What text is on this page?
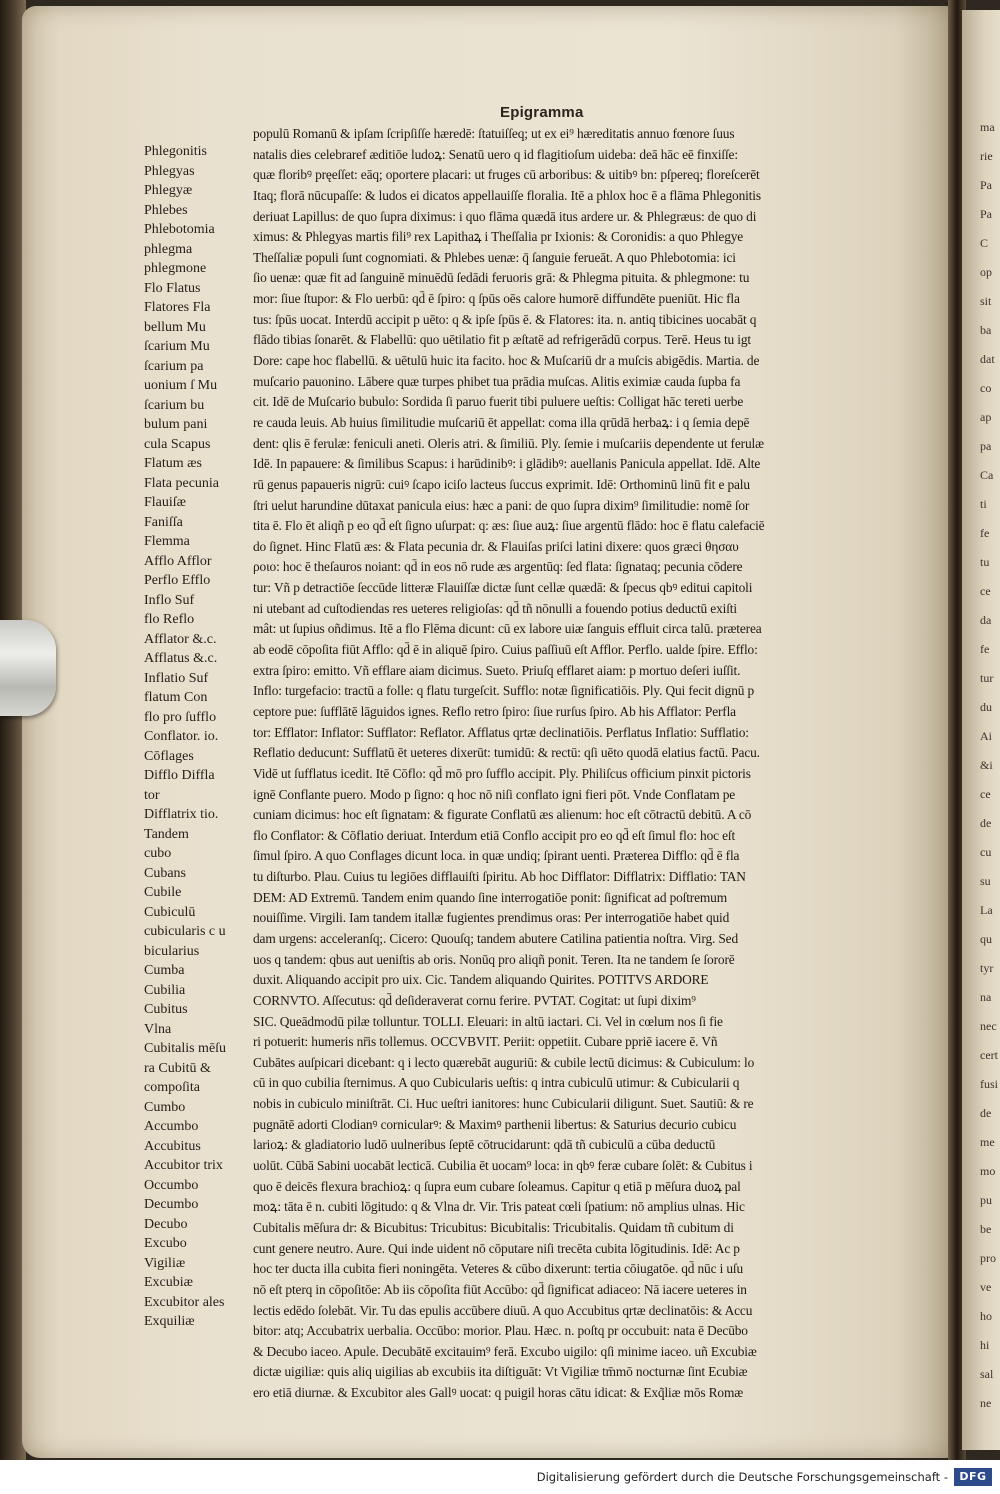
Epigramma
Phlegonitis
Phlegyas
Phlegyæ
Phlebes
Phlebotomia
phlegma
phlegmone
Flo Flatus
Flatores Fla
bellum Mu
ſcarium Mu
ſcarium pa
uonium ſ Mu
ſcarium bu
bulum pani
cula Scapus
Flatum æs
Flata pecunia
Flauiſæ
Faniſſa
Flemma
Afflo Afflor
Perflo Efflo
Inflo Suf
flo Reflo
Afflator &.c.
Afflatus &.c.
Inflatio Suf
flatum Con
flo pro ſufflo
Conflator. io.
Cōflages
Difflo Diffla
tor
Difflatrix tio.
Tandem
cubo
Cubans
Cubile
Cubiculū
cubicularis c u
bicularius
Cumba
Cubilia
Cubitus
Vlna
Cubitalis mēſu
ra Cubitū &
compoſita
Cumbo
Accumbo
Accubitus
Accubitor trix
Occumbo
Decumbo
Decubo
Excubo
Vigiliæ
Excubiæ
Excubitor ales
Exquiliæ
populū Romanū & ipſam ſcripſiſſe hæredē: ſtatuiſſeq; ut ex ei⁹ hæreditatis annuo fœnore ſuus
natalis dies celebraref æditiōe ludoꝝ: Senatū uero q id flagitioſum uideba: deā hāc eē finxiſſe:
quæ floribꝰ pręeſſet: eāq; oportere placari: ut fruges cū arboribus: & uitibꝰ bn: pſpereq; floreſcerēt
Itaq; florā nūcupaſſe: & ludos ei dicatos appellauiſſe floralia. Itē a phlox hoc ē a flāma Phlegonitis
deriuat Lapillus: de quo ſupra diximus: i quo flāma quædā itus ardere ur. & Phlegræus: de quo di
ximus: & Phlegyas martis fili⁹ rex Lapithaꝝ i Theſſalia pr Ixionis: & Coronidis: a quo Phlegye
Theſſaliæ populi ſunt cognomiati. & Phlebes uenæ: q̄ ſanguie ferueāt. A quo Phlebotomia: ici
ſio uenæ: quæ fit ad ſanguinē minuēdū ſedādi feruoris grā: & Phlegma pituita. & phlegmone: tu
mor: ſiue ſtupor: & Flo uerbū: qd̄ ē ſpiro: q ſpūs oēs calore humorē diffundēte pueniūt. Hic fla
tus: ſpūs uocat. Interdū accipit p uēto: q & ipſe ſpūs ē. & Flatores: ita. n. antiq tibicines uocabāt q
flādo tibias ſonarēt. & Flabellū: quo uētilatio fit p æſtatē ad refrigerādū corpus. Terē. Heus tu igt
Dore: cape hoc flabellū. & uētulū huic ita facito. hoc & Muſcariū dr a muſcis abigēdis. Martia. de
muſcario pauonino. Lābere quæ turpes phibet tua prādia muſcas. Alitis eximiæ cauda ſupba fa
cit. Idē de Muſcario bubulo: Sordida ſi paruo fuerit tibi puluere ueſtis: Colligat hāc tereti uerbe
re cauda leuis. Ab huius ſimilitudie muſcariū ēt appellat: coma illa qrūdā herbaꝝ: i q ſemia depē
dent: qlis ē ferulæ: feniculi aneti. Oleris atri. & ſimiliū. Ply. ſemie i muſcariis dependente ut ferulæ
Idē. In papauere: & ſimilibus Scapus: i harūdinibꝰ: i glādibꝰ: auellanis Panicula appellat. Idē. Alte
rū genus papaueris nigrū: cuiꝰ ſcapo iciſo lacteus ſuccus exprimit. Idē: Orthominū linū fit e palu
ſtri uelut harundine dūtaxat panicula eius: hæc a pani: de quo ſupra dixim⁹ ſimilitudie: nomē ſor
tita ē. Flo ēt aliqñ p eo qd̄ eſt ſigno uſurpat: q: æs: ſiue auꝝ: ſiue argentū flādo: hoc ē flatu calefaciē
do ſignet. Hinc Flatū æs: & Flata pecunia dr. & Flauiſas priſci latini dixere: quos græci θησαυ
ροιο: hoc ē theſauros noiant: qd̄ in eos nō rude æs argentūq: ſed flata: ſignataq; pecunia cōdere
tur: Vñ p detractiōe ſeccūde litteræ Flauiſſæ dictæ ſunt cellæ quædā: & ſpecus qbꝰ editui capitoli
ni utebant ad cuſtodiendas res ueteres religioſas: qd̄ tñ nōnulli a fouendo potius deductū exiſti
mât: ut ſupius oñdimus. Itē a flo Flēma dicunt: cū ex labore uiæ ſanguis effluit circa talū. præterea
ab eodē cōpoſita fiūt Afflo: qd̄ ē in aliquē ſpiro. Cuius paſſiuū eſt Afflor. Perflo. ualde ſpire. Efflo:
extra ſpiro: emitto. Vñ efflare aiam dicimus. Sueto. Priuſq efflaret aiam: p mortuo deſeri iuſſit.
Inflo: turgefacio: tractū a folle: q flatu turgeſcit. Sufflo: notæ ſignificatiōis. Ply. Qui fecit dignū p
ceptore pue: ſufflātē lāguidos ignes. Reflo retro ſpiro: ſiue rurſus ſpiro. Ab his Afflator: Perfla
tor: Efflator: Inflator: Sufflator: Reflator. Afflatus qrtæ declinatiōis. Perflatus Inflatio: Sufflatio:
Reflatio deducunt: Sufflatū ēt ueteres dixerūt: tumidū: & rectū: qſi uēto quodā elatius factū. Pacu.
Vidē ut ſufflatus icedit. Itē Cōflo: qd̄ mō pro ſufflo accipit. Ply. Philiſcus officium pinxit pictoris
ignē Conflante puero. Modo p ſigno: q hoc nō niſi conflato igni fieri pōt. Vnde Conflatam pe
cuniam dicimus: hoc eſt ſignatam: & figurate Conflatū æs alienum: hoc eſt cōtractū debitū. A cō
flo Conflator: & Cōflatio deriuat. Interdum etiā Conflo accipit pro eo qd̄ eſt ſimul flo: hoc eſt
ſimul ſpiro. A quo Conflages dicunt loca. in quæ undiq; ſpirant uenti. Præterea Difflo: qd̄ ē fla
tu diſturbo. Plau. Cuius tu legiōes difflauiſti ſpiritu. Ab hoc Difflator: Difflatrix: Difflatio: TAN
DEM: AD Extremū. Tandem enim quando ſine interrogatiōe ponit: ſignificat ad poſtremum
nouiſſime. Virgili. Iam tandem itallæ fugientes prendimus oras: Per interrogatiōe habet quid
dam urgens: acceleranſq;. Cicero: Quouſq; tandem abutere Catilina patientia noſtra. Virg. Sed
uos q tandem: qbus aut ueniſtis ab oris. Nonūq pro aliqñ ponit. Teren. Ita ne tandem ſe ſororē
duxit. Aliquando accipit pro uix. Cic. Tandem aliquando Quirites. POTITVS ARDORE
CORNVTO. Aſſecutus: qd̄ deſideraverat cornu ferire. PVTAT. Cogitat: ut ſupi dixim⁹
SIC. Queādmodū pilæ tolluntur. TOLLI. Eleuari: in altū iactari. Ci. Vel in cœlum nos ſi fie
ri potuerit: humeris nr̄is tollemus. OCCVBVIT. Periit: oppetiit. Cubare ppriē iacere ē. Vñ
Cubātes auſpicari dicebant: q i lecto quærebāt auguriū: & cubile lectū dicimus: & Cubiculum: lo
cū in quo cubilia ſternimus. A quo Cubicularis ueſtis: q intra cubiculū utimur: & Cubicularii q
nobis in cubiculo miniſtrāt. Ci. Huc ueſtri ianitores: hunc Cubicularii diligunt. Suet. Sautiū: & re
pugnātē adorti Clodianꝰ cornicularꝰ: & Maximꝰ parthenii libertus: & Saturius decurio cubicu
larioꝝ: & gladiatorio ludō uulneribus ſeptē cōtrucidarunt: qdā tñ cubiculū a cūba deductū
uolūt. Cūbā Sabini uocabāt lecticā. Cubilia ēt uocam⁹ loca: in qbꝰ feræ cubare ſolēt: & Cubitus i
quo ē deicēs flexura brachioꝝ: q ſupra eum cubare ſoleamus. Capitur q etiā p mēſura duoꝝ pal
moꝝ: tāta ē n. cubiti lōgitudo: q & Vlna dr. Vir. Tris pateat cœli ſpatium: nō amplius ulnas. Hic
Cubitalis mēſura dr: & Bicubitus: Tricubitus: Bicubitalis: Tricubitalis. Quidam tñ cubitum di
cunt genere neutro. Aure. Qui inde uident nō cōputare niſi trecēta cubita lōgitudinis. Idē: Ac p
hoc ter ducta illa cubita fieri noningēta. Veteres & cūbo dixerunt: tertia cōiugatōe. qd̄ nūc i uſu
nō eſt pterq in cōpoſitōe: Ab iis cōpoſita fiūt Accūbo: qd̄ ſignificat adiaceo: Nā iacere ueteres in
lectis edēdo ſolebāt. Vir. Tu das epulis accūbere diuū. A quo Accubitus qrtæ declinatōis: & Accu
bitor: atq; Accubatrix uerbalia. Occūbo: morior. Plau. Hæc. n. poſtq pr occubuit: nata ē Decūbo
& Decubo iaceo. Apule. Decubātē excitauim⁹ ferā. Excubo uigilo: qſi minime iaceo. uñ Excubiæ
dictæ uigiliæ: quis aliq uigilias ab excubiis ita diſtiguāt: Vt Vigiliæ tm̄mō nocturnæ ſint Ecubiæ
ero etiā diurnæ. & Excubitor ales Gallꝰ uocat: q puigil horas cātu idicat: & Exq̃liæ mōs Romæ
ma
rie
Pa
Pa
C
op
sit
ba
dat
co
ap
pa
Ca
ti
fe
tu
ce
da
fe
tur
du
Ai
&i
ce
de
cu
su
La
qu
tyr
na
nec
cert
fusi
de
me
mo
pu
be
pro
ve
ho
hi
sal
ne
Digitalisierung gefördert durch die Deutsche Forschungsgemeinschaft -	DFG
